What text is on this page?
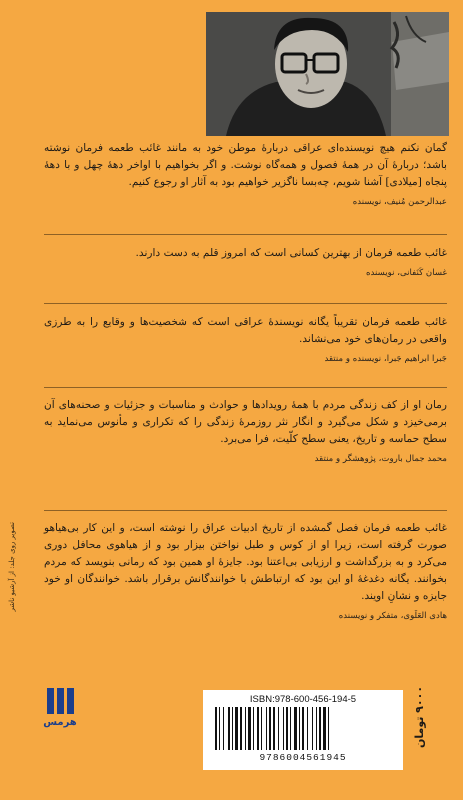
گمان نکنم هیچ نویسنده‌ای عراقی دربارهٔ موطن خود به مانند غائب طعمه فرمان نوشته باشد؛ دربارهٔ آن در همهٔ فصول و همه‌گاه نوشت. و اگر بخواهیم با اواخر دههٔ چهل و با دههٔ پنجاه [میلادی] آشنا شویم، چه‌بسا ناگزیر خواهیم بود به آثار او رجوع کنیم.

عبدالرحمن مُنیف، نویسنده

غائب طعمه فرمان از بهترین کسانی است که امروز قلم به دست دارند.

غسان کَنَفانی، نویسنده

غائب طعمه فرمان تقریباً یگانه نویسندهٔ عراقی است که شخصیت‌ها و وقایع را به طرزی واقعی در رمان‌های خود می‌نشاند.

جَبرا ابراهیم جَبرا، نویسنده و منتقد

رمان او از کف زندگی مردم با همهٔ رویدادها و حوادث و مناسبات و جزئیات و صحنه‌های آن برمی‌خیزد و شکل می‌گیرد و انگار نثر روزمرهٔ زندگی را که تکراری و مأنوس می‌نماید به سطح حماسه و تاریخ، یعنی سطح کلّیت، فرا می‌برد.

محمد جمال باروت، پژوهشگر و منتقد

غائب طعمه فرمان فصل گمشده از تاریخ ادبیات عراق را نوشته است، و این کار بی‌هیاهو صورت گرفته است، زیرا او از کوس و طبل نواختن بیزار بود و از هیاهوی محافل دوری می‌کرد و به بزرگداشت و ارزیابی بی‌اعتنا بود. جایزهٔ او همین بود که رمانی بنویسد که مردم بخوانند. یگانه دغدغهٔ او این بود که ارتباطش با خوانندگانش برقرار باشد. خوانندگان او خود جایزه و نشانِ اویند.

هادی العَلَوی، متفکر و نویسنده
تصویر روی جلد: از آرشیو ناشر
هرمس
ISBN:978-600-456-194-5
9786004561945
۹۰۰۰ تومان
